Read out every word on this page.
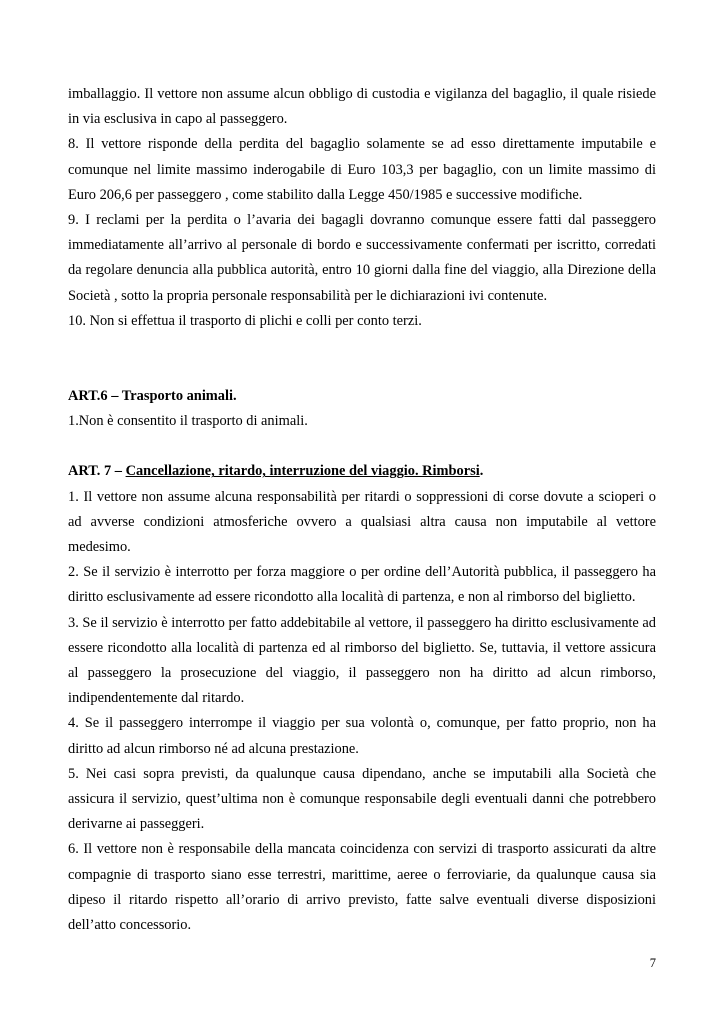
imballaggio. Il vettore non assume alcun obbligo di custodia e vigilanza del bagaglio, il quale risiede in via esclusiva in capo al passeggero.

8. Il vettore risponde della perdita del bagaglio solamente se ad esso direttamente imputabile e comunque nel limite massimo inderogabile di Euro 103,3 per bagaglio, con un limite massimo di Euro 206,6 per passeggero , come stabilito dalla Legge 450/1985 e successive modifiche.

9. I reclami per la perdita o l’avaria dei bagagli dovranno comunque essere fatti dal passeggero immediatamente all’arrivo al personale di bordo e successivamente confermati per iscritto, corredati da regolare denuncia alla pubblica autorità, entro 10 giorni dalla fine del viaggio, alla Direzione della Società , sotto la propria personale responsabilità per le dichiarazioni ivi contenute.

10. Non si effettua il trasporto di plichi e colli per conto terzi.

ART.6 – Trasporto animali.

1.Non è consentito il trasporto di animali.

ART. 7 – Cancellazione, ritardo, interruzione del viaggio. Rimborsi.

1. Il vettore non assume alcuna responsabilità per ritardi o soppressioni di corse dovute a scioperi o ad avverse condizioni atmosferiche ovvero a qualsiasi altra causa non imputabile al vettore medesimo.

2. Se il servizio è interrotto per forza maggiore o per ordine dell’Autorità pubblica, il passeggero ha diritto esclusivamente ad essere ricondotto alla località di partenza, e non al rimborso del biglietto.

3. Se il servizio è interrotto per fatto addebitabile al vettore, il passeggero ha diritto esclusivamente ad essere ricondotto alla località di partenza ed al rimborso del biglietto. Se, tuttavia, il vettore assicura al passeggero la prosecuzione del viaggio, il passeggero non ha diritto ad alcun rimborso, indipendentemente dal ritardo.

4. Se il passeggero interrompe il viaggio per sua volontà o, comunque, per fatto proprio, non ha diritto ad alcun rimborso né ad alcuna prestazione.

5. Nei casi sopra previsti, da qualunque causa dipendano, anche se imputabili alla Società che assicura il servizio, quest’ultima non è comunque responsabile degli eventuali danni che potrebbero derivarne ai passeggeri.

6. Il vettore non è responsabile della mancata coincidenza con servizi di trasporto assicurati da altre compagnie di trasporto siano esse terrestri, marittime, aeree o ferroviarie, da qualunque causa sia dipeso il ritardo rispetto all’orario di arrivo previsto, fatte salve eventuali diverse disposizioni dell’atto concessorio.

7
